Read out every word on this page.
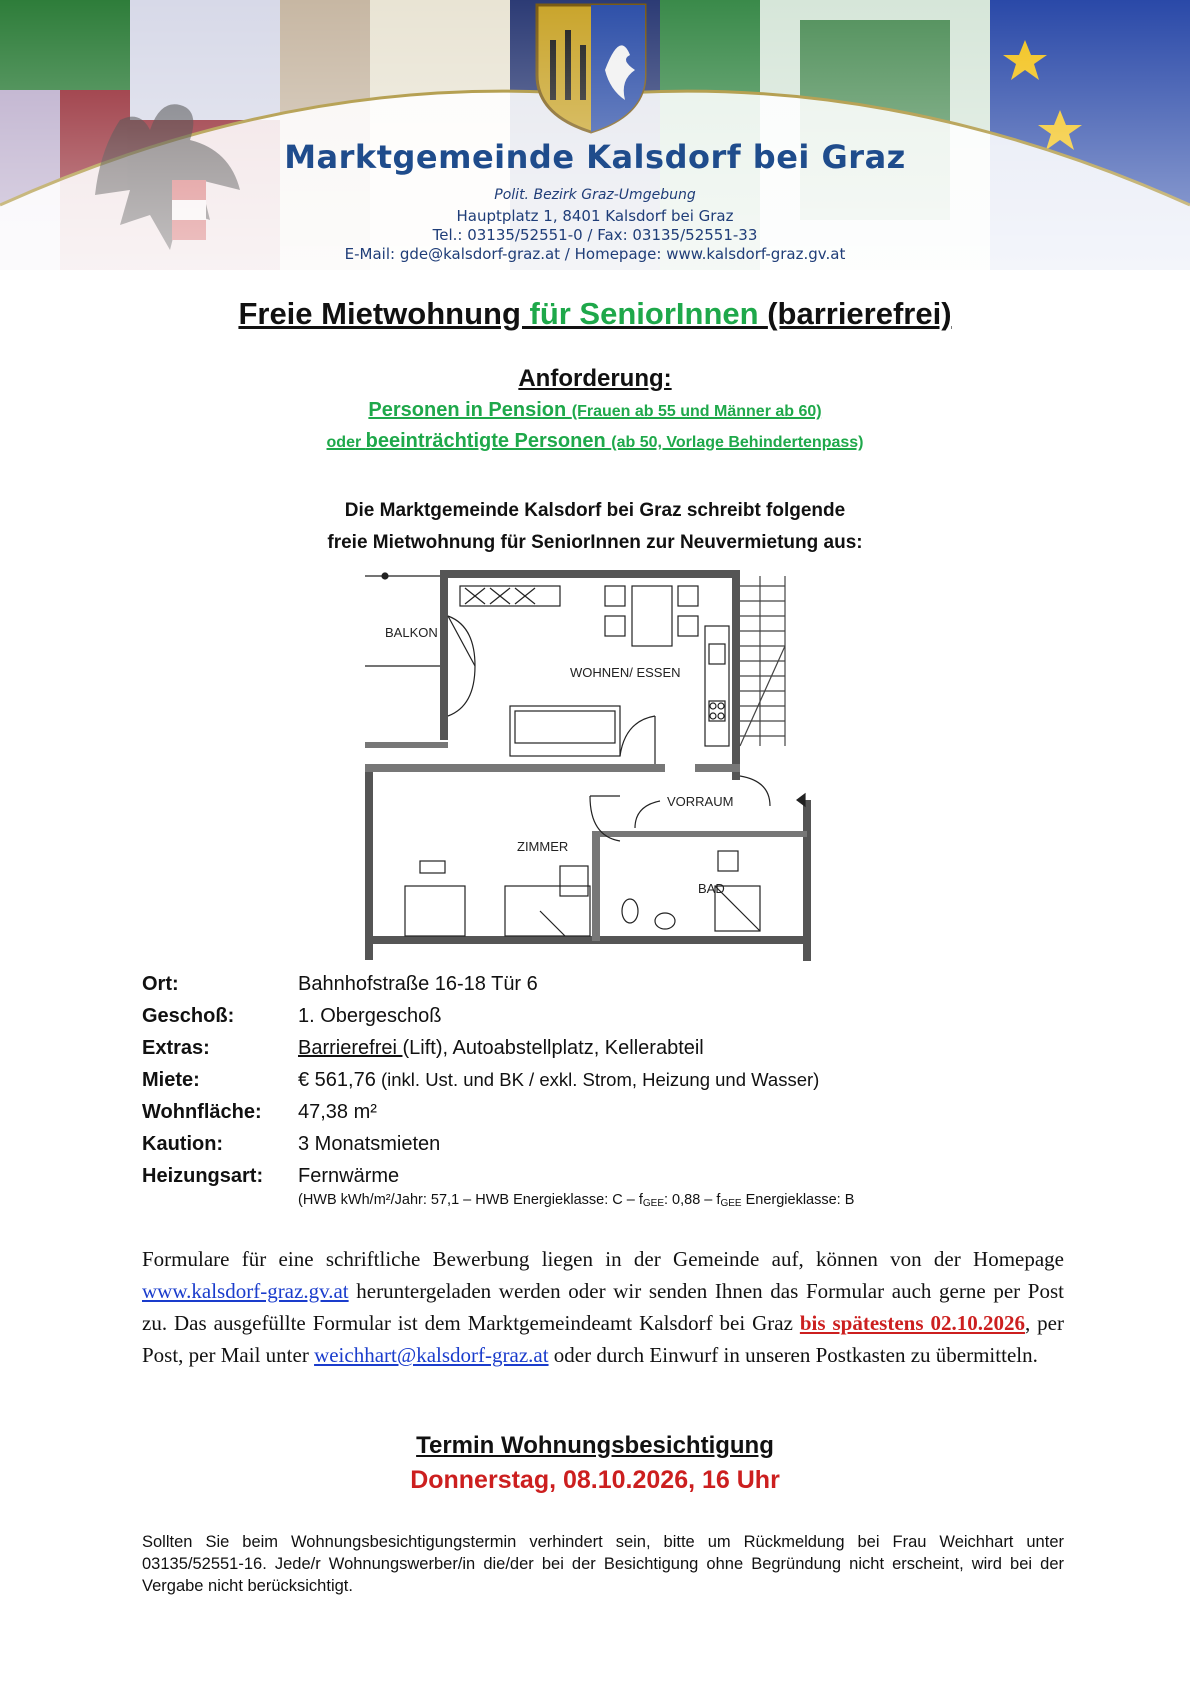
Marktgemeinde Kalsdorf bei Graz
Polit. Bezirk Graz-Umgebung
Hauptplatz 1, 8401 Kalsdorf bei Graz
Tel.: 03135/52551-0 / Fax: 03135/52551-33
E-Mail: gde@kalsdorf-graz.at / Homepage: www.kalsdorf-graz.gv.at
Freie Mietwohnung für SeniorInnen (barrierefrei)
Anforderung:
Personen in Pension (Frauen ab 55 und Männer ab 60)
oder beeinträchtigte Personen (ab 50, Vorlage Behindertenpass)
Die Marktgemeinde Kalsdorf bei Graz schreibt folgende
freie Mietwohnung für SeniorInnen zur Neuvermietung aus:
BALKON
WOHNEN/ ESSEN
VORRAUM
ZIMMER
BAD
Ort:	Bahnhofstraße 16-18 Tür 6
Geschoß:	1. Obergeschoß
Extras:	Barrierefrei (Lift), Autoabstellplatz, Kellerabteil
Miete:	€ 561,76 (inkl. Ust. und BK / exkl. Strom, Heizung und Wasser)
Wohnfläche: 47,38 m²
Kaution:	3 Monatsmieten
Heizungsart: Fernwärme
(HWB kWh/m²/Jahr: 57,1 – HWB Energieklasse: C – $f_{GEE}$: $0,88 - f_{GEE}$ Energieklasse: B
Formulare für eine schriftliche Bewerbung liegen in der Gemeinde auf, können von der Homepage www.kalsdorf-graz.gv.at heruntergeladen werden oder wir senden Ihnen das Formular auch gerne per Post zu. Das ausgefüllte Formular ist dem Marktgemeindeamt Kalsdorf bei Graz bis spätestens 02.10.2026, per Post, per Mail unter weichhart@kalsdorf-graz.at oder durch Einwurf in unseren Postkasten zu übermitteln.
Termin Wohnungsbesichtigung
Donnerstag, 08.10.2026, 16 Uhr
Sollten Sie beim Wohnungsbesichtigungstermin verhindert sein, bitte um Rückmeldung bei Frau Weichhart unter 03135/52551-16. Jede/r Wohnungswerber/in die/der bei der Besichtigung ohne Begründung nicht erscheint, wird bei der Vergabe nicht berücksichtigt.
